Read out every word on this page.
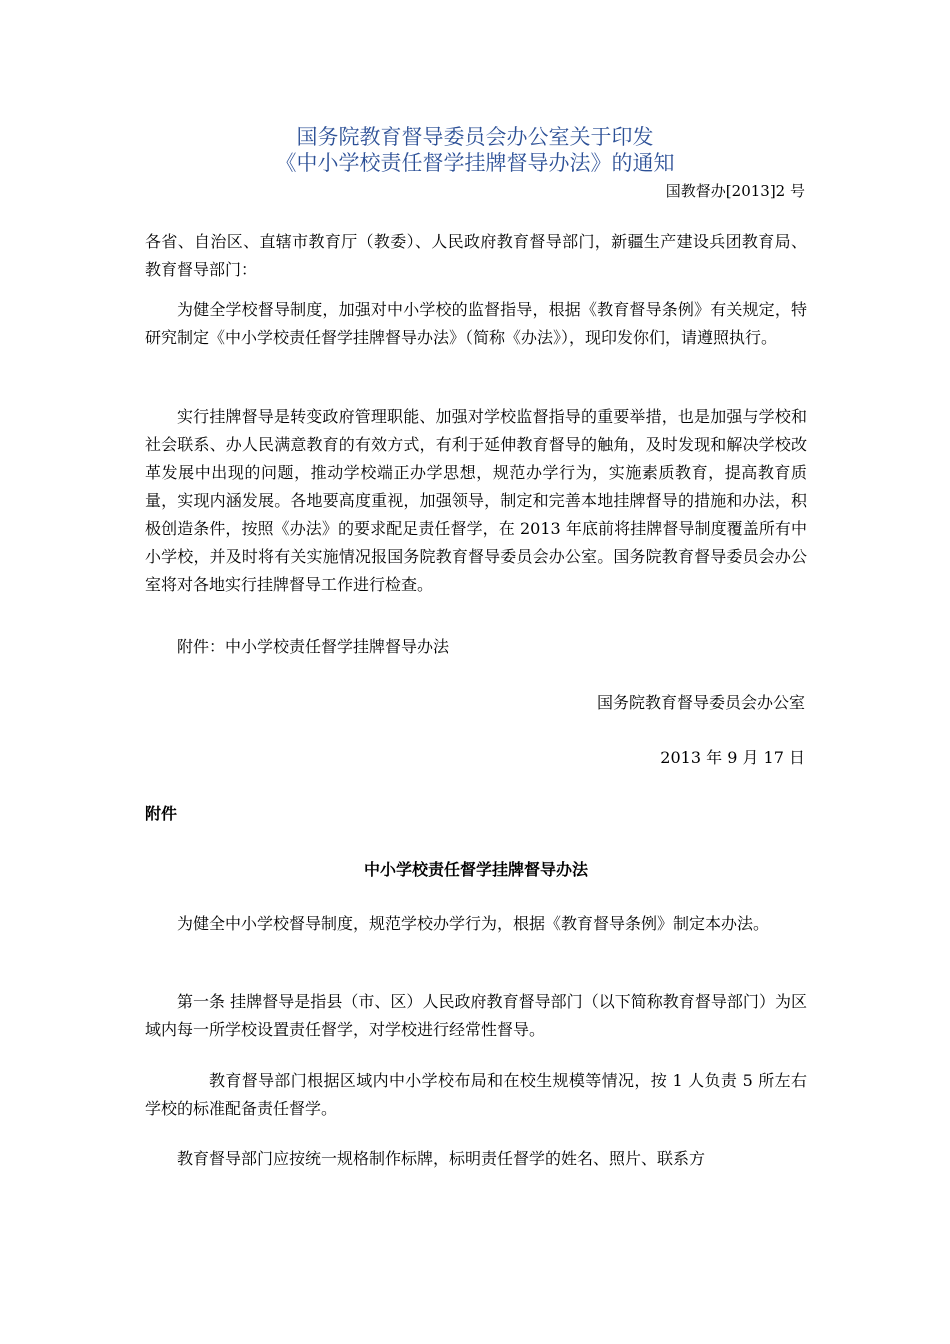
国务院教育督导委员会办公室关于印发
《中小学校责任督学挂牌督导办法》的通知
国教督办[2013]2 号

各省、自治区、直辖市教育厅（教委）、人民政府教育督导部门，新疆生产建设兵团教育局、教育督导部门：

为健全学校督导制度，加强对中小学校的监督指导，根据《教育督导条例》有关规定，特研究制定《中小学校责任督学挂牌督导办法》（简称《办法》），现印发你们，请遵照执行。

实行挂牌督导是转变政府管理职能、加强对学校监督指导的重要举措，也是加强与学校和社会联系、办人民满意教育的有效方式，有利于延伸教育督导的触角，及时发现和解决学校改革发展中出现的问题，推动学校端正办学思想，规范办学行为，实施素质教育，提高教育质量，实现内涵发展。各地要高度重视，加强领导，制定和完善本地挂牌督导的措施和办法，积极创造条件，按照《办法》的要求配足责任督学，在 2013 年底前将挂牌督导制度覆盖所有中小学校，并及时将有关实施情况报国务院教育督导委员会办公室。国务院教育督导委员会办公室将对各地实行挂牌督导工作进行检查。

附件：中小学校责任督学挂牌督导办法

国务院教育督导委员会办公室
2013 年 9 月 17 日

附件

中小学校责任督学挂牌督导办法

为健全中小学校督导制度，规范学校办学行为，根据《教育督导条例》制定本办法。

第一条 挂牌督导是指县（市、区）人民政府教育督导部门（以下简称教育督导部门）为区域内每一所学校设置责任督学，对学校进行经常性督导。

教育督导部门根据区域内中小学校布局和在校生规模等情况，按 1 人负责 5 所左右学校的标准配备责任督学。

教育督导部门应按统一规格制作标牌，标明责任督学的姓名、照片、联系方
